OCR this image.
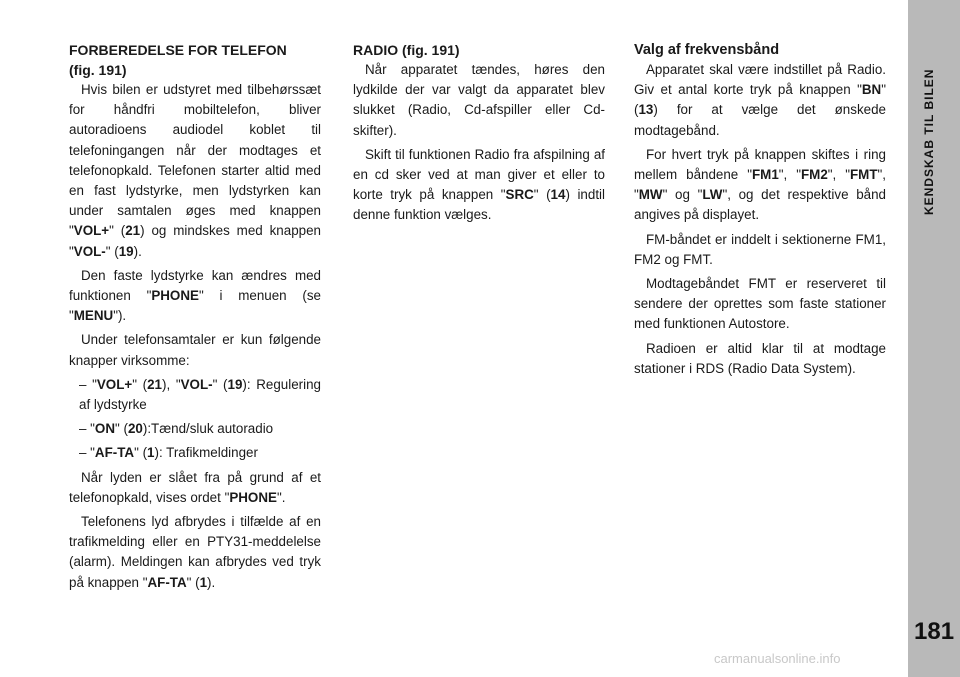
KENDSKAB TIL BILEN
181
FORBEREDELSE FOR TELEFON
(fig. 191)

Hvis bilen er udstyret med tilbehørssæt for håndfri mobiltelefon, bliver autoradioens audiodel koblet til telefoningangen når der modtages et telefonopkald. Telefonen starter altid med en fast lydstyrke, men lydstyrken kan under samtalen øges med knappen "VOL+" (21) og mindskes med knappen "VOL-" (19).

Den faste lydstyrke kan ændres med funktionen "PHONE" i menuen (se "MENU").

Under telefonsamtaler er kun følgende knapper virksomme:

– "VOL+" (21), "VOL-" (19): Regulering af lydstyrke

– "ON" (20):Tænd/sluk autoradio

– "AF-TA" (1): Trafikmeldinger

Når lyden er slået fra på grund af et telefonopkald, vises ordet "PHONE".

Telefonens lyd afbrydes i tilfælde af en trafikmelding eller en PTY31-meddelelse (alarm). Meldingen kan afbrydes ved tryk på knappen "AF-TA" (1).

RADIO (fig. 191)

Når apparatet tændes, høres den lydkilde der var valgt da apparatet blev slukket (Radio, Cd-afspiller eller Cd-skifter).

Skift til funktionen Radio fra afspilning af en cd sker ved at man giver et eller to korte tryk på knappen "SRC" (14) indtil denne funktion vælges.

Valg af frekvensbånd

Apparatet skal være indstillet på Radio. Giv et antal korte tryk på knappen "BN" (13) for at vælge det ønskede modtagebånd.

For hvert tryk på knappen skiftes i ring mellem båndene "FM1", "FM2", "FMT", "MW" og "LW", og det respektive bånd angives på displayet.

FM-båndet er inddelt i sektionerne FM1, FM2 og FMT.

Modtagebåndet FMT er reserveret til sendere der oprettes som faste stationer med funktionen Autostore.

Radioen er altid klar til at modtage stationer i RDS (Radio Data System).

carmanualsonline.info
